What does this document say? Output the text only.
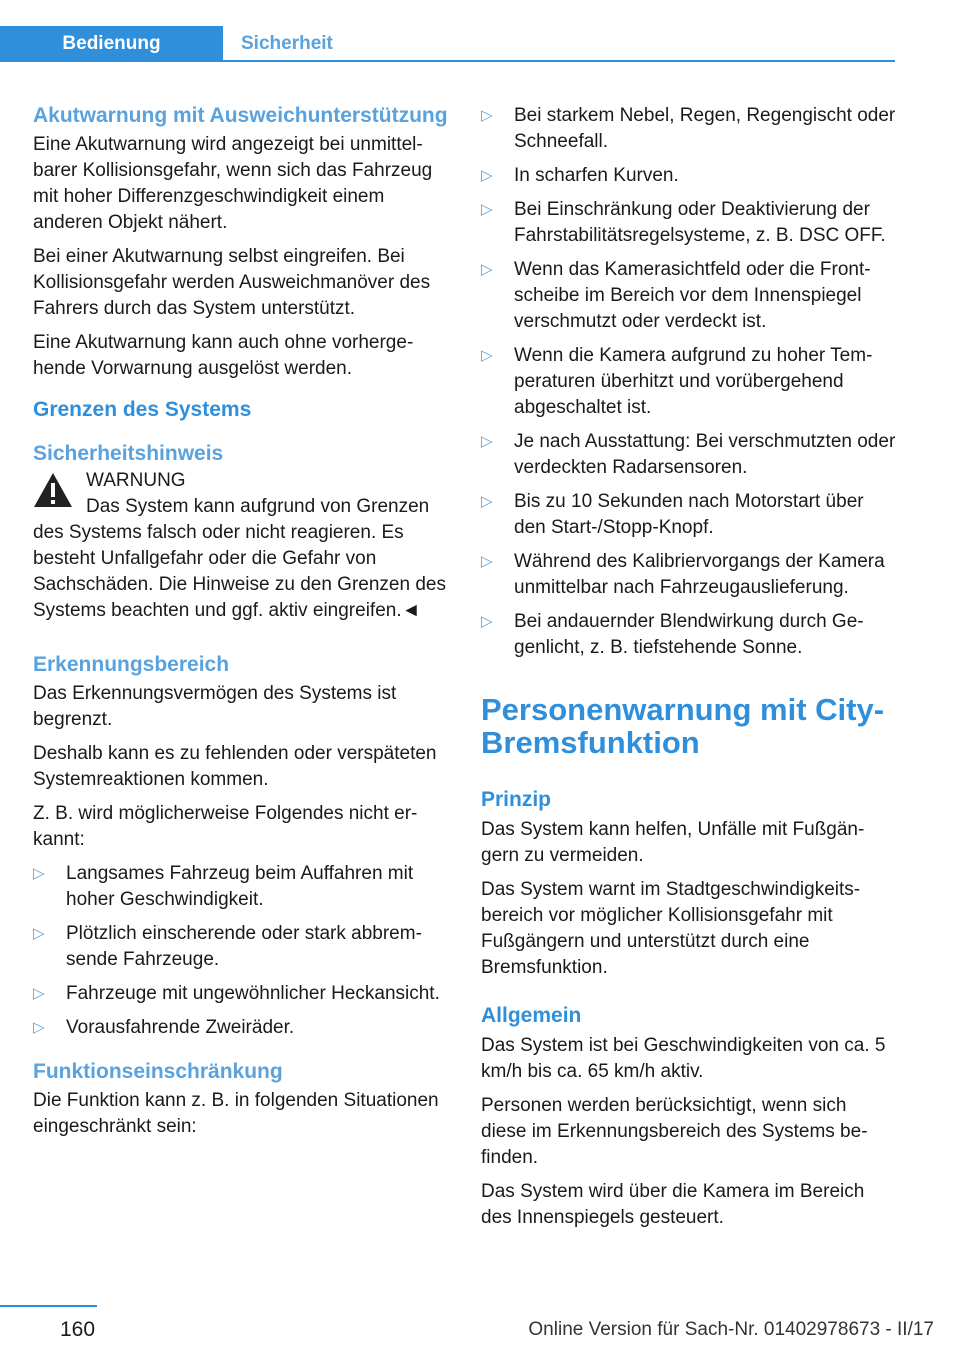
Bedienung	Sicherheit
Akutwarnung mit Ausweichunterstützung

Eine Akutwarnung wird angezeigt bei unmittelbarer Kollisionsgefahr, wenn sich das Fahrzeug mit hoher Differenzgeschwindigkeit einem anderen Objekt nähert.

Bei einer Akutwarnung selbst eingreifen. Bei Kollisionsgefahr werden Ausweichmanöver des Fahrers durch das System unterstützt.

Eine Akutwarnung kann auch ohne vorhergehende Vorwarnung ausgelöst werden.

Grenzen des Systems
Sicherheitshinweis
WARNUNG
Das System kann aufgrund von Grenzen
des Systems falsch oder nicht reagieren. Es besteht Unfallgefahr oder die Gefahr von Sachschäden. Die Hinweise zu den Grenzen des Systems beachten und ggf. aktiv eingreifen.◄
Erkennungsbereich

Das Erkennungsvermögen des Systems ist begrenzt.

Deshalb kann es zu fehlenden oder verspäteten Systemreaktionen kommen.

Z. B. wird möglicherweise Folgendes nicht erkannt:

▷ Langsames Fahrzeug beim Auffahren mit hoher Geschwindigkeit.
▷ Plötzlich einscherende oder stark abbremsende Fahrzeuge.
▷ Fahrzeuge mit ungewöhnlicher Heckansicht.
▷ Vorausfahrende Zweiräder.
Funktionseinschränkung

Die Funktion kann z. B. in folgenden Situationen eingeschränkt sein:

▷ Bei starkem Nebel, Regen, Regengischt oder Schneefall.
▷ In scharfen Kurven.
▷ Bei Einschränkung oder Deaktivierung der Fahrstabilitätsregelsysteme, z. B. DSC OFF.
▷ Wenn das Kamerasichtfeld oder die Frontscheibe im Bereich vor dem Innenspiegel verschmutzt oder verdeckt ist.
▷ Wenn die Kamera aufgrund zu hoher Temperaturen überhitzt und vorübergehend abgeschaltet ist.
▷ Je nach Ausstattung: Bei verschmutzten oder verdeckten Radarsensoren.
▷ Bis zu 10 Sekunden nach Motorstart über den Start-/Stopp-Knopf.
▷ Während des Kalibriervorgangs der Kamera unmittelbar nach Fahrzeugauslieferung.
▷ Bei andauernder Blendwirkung durch Gegenlicht, z. B. tiefstehende Sonne.
Personenwarnung mit City-Bremsfunktion
Prinzip

Das System kann helfen, Unfälle mit Fußgängern zu vermeiden.

Das System warnt im Stadtgeschwindigkeitsbereich vor möglicher Kollisionsgefahr mit Fußgängern und unterstützt durch eine Bremsfunktion.

Allgemein

Das System ist bei Geschwindigkeiten von ca. 5 km/h bis ca. 65 km/h aktiv.

Personen werden berücksichtigt, wenn sich diese im Erkennungsbereich des Systems befinden.

Das System wird über die Kamera im Bereich des Innenspiegels gesteuert.

160	Online Version für Sach-Nr. 01402978673 - II/17
